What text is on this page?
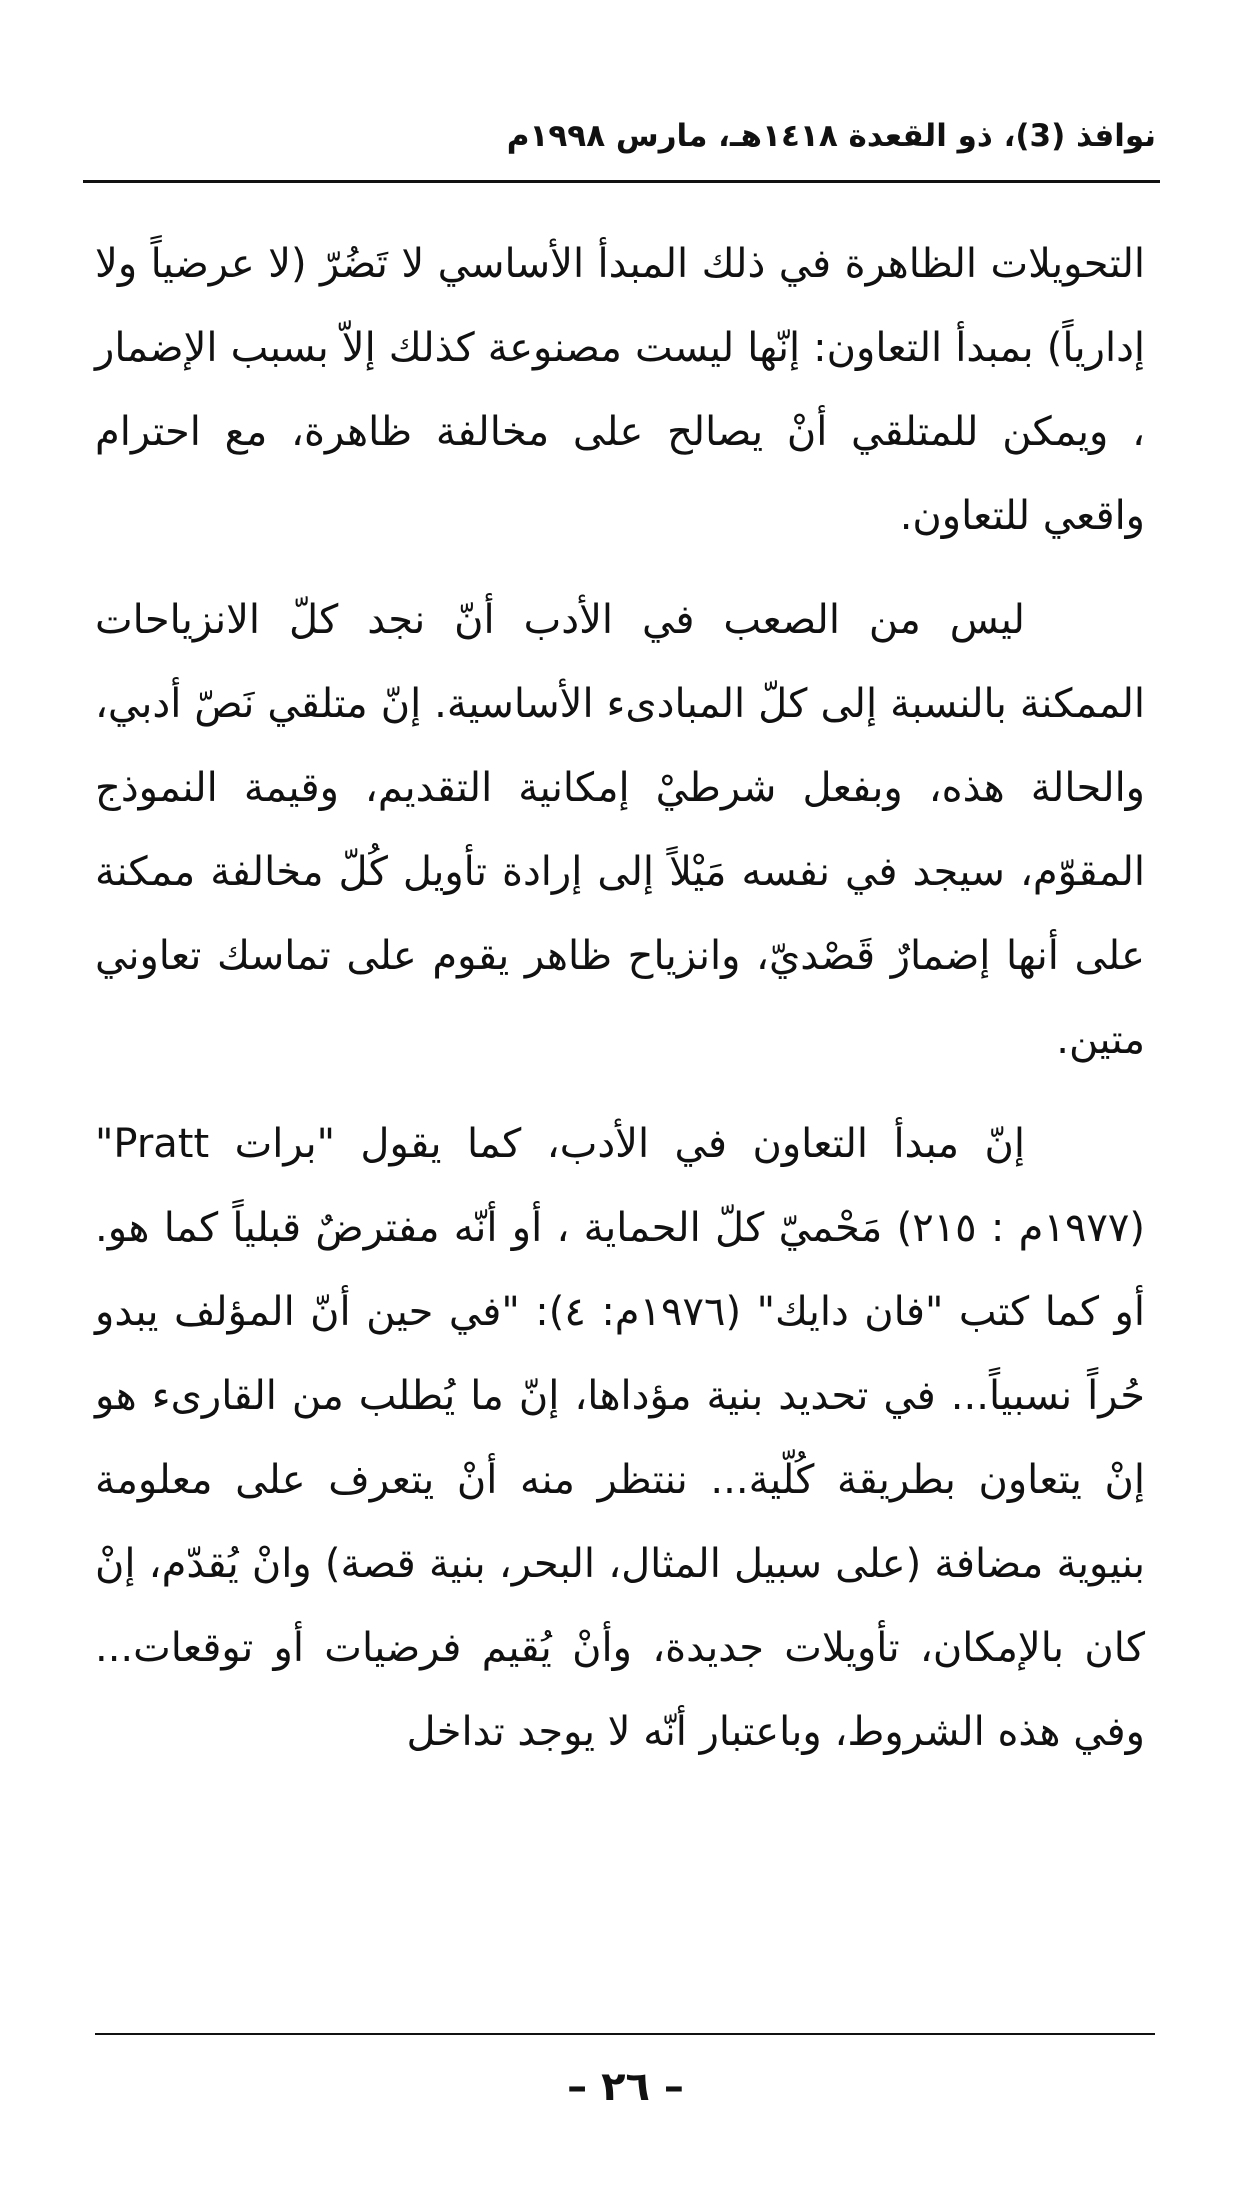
نوافذ (3)، ذو القعدة ١٤١٨هـ، مارس ١٩٩٨م

التحويلات الظاهرة في ذلك المبدأ الأساسي لا تَضُرّ (لا عرضياً ولا إدارياً) بمبدأ التعاون: إنّها ليست مصنوعة كذلك إلاّ بسبب الإضمار ، ويمكن للمتلقي أنْ يصالح على مخالفة ظاهرة، مع احترام واقعي للتعاون.

ليس من الصعب في الأدب أنّ نجد كلّ الانزياحات الممكنة بالنسبة إلى كلّ المبادىء الأساسية. إنّ متلقي نَصّ أدبي، والحالة هذه، وبفعل شرطيْ إمكانية التقديم، وقيمة النموذج المقوّم، سيجد في نفسه مَيْلاً إلى إرادة تأويل كُلّ مخالفة ممكنة على أنها إضمارٌ قَصْديّ، وانزياح ظاهر يقوم على تماسك تعاوني متين.

إنّ مبدأ التعاون في الأدب، كما يقول "برات Pratt" (١٩٧٧م : ٢١٥) مَحْميّ كلّ الحماية ، أو أنّه مفترضٌ قبلياً كما هو. أو كما كتب "فان دايك" (١٩٧٦م: ٤): "في حين أنّ المؤلف يبدو حُراً نسبياً... في تحديد بنية مؤداها، إنّ ما يُطلب من القارىء هو إنْ يتعاون بطريقة كُلّية... ننتظر منه أنْ يتعرف على معلومة بنيوية مضافة (على سبيل المثال، البحر، بنية قصة) وانْ يُقدّم، إنْ كان بالإمكان، تأويلات جديدة، وأنْ يُقيم فرضيات أو توقعات... وفي هذه الشروط، وباعتبار أنّه لا يوجد تداخل

– ٢٦ –
